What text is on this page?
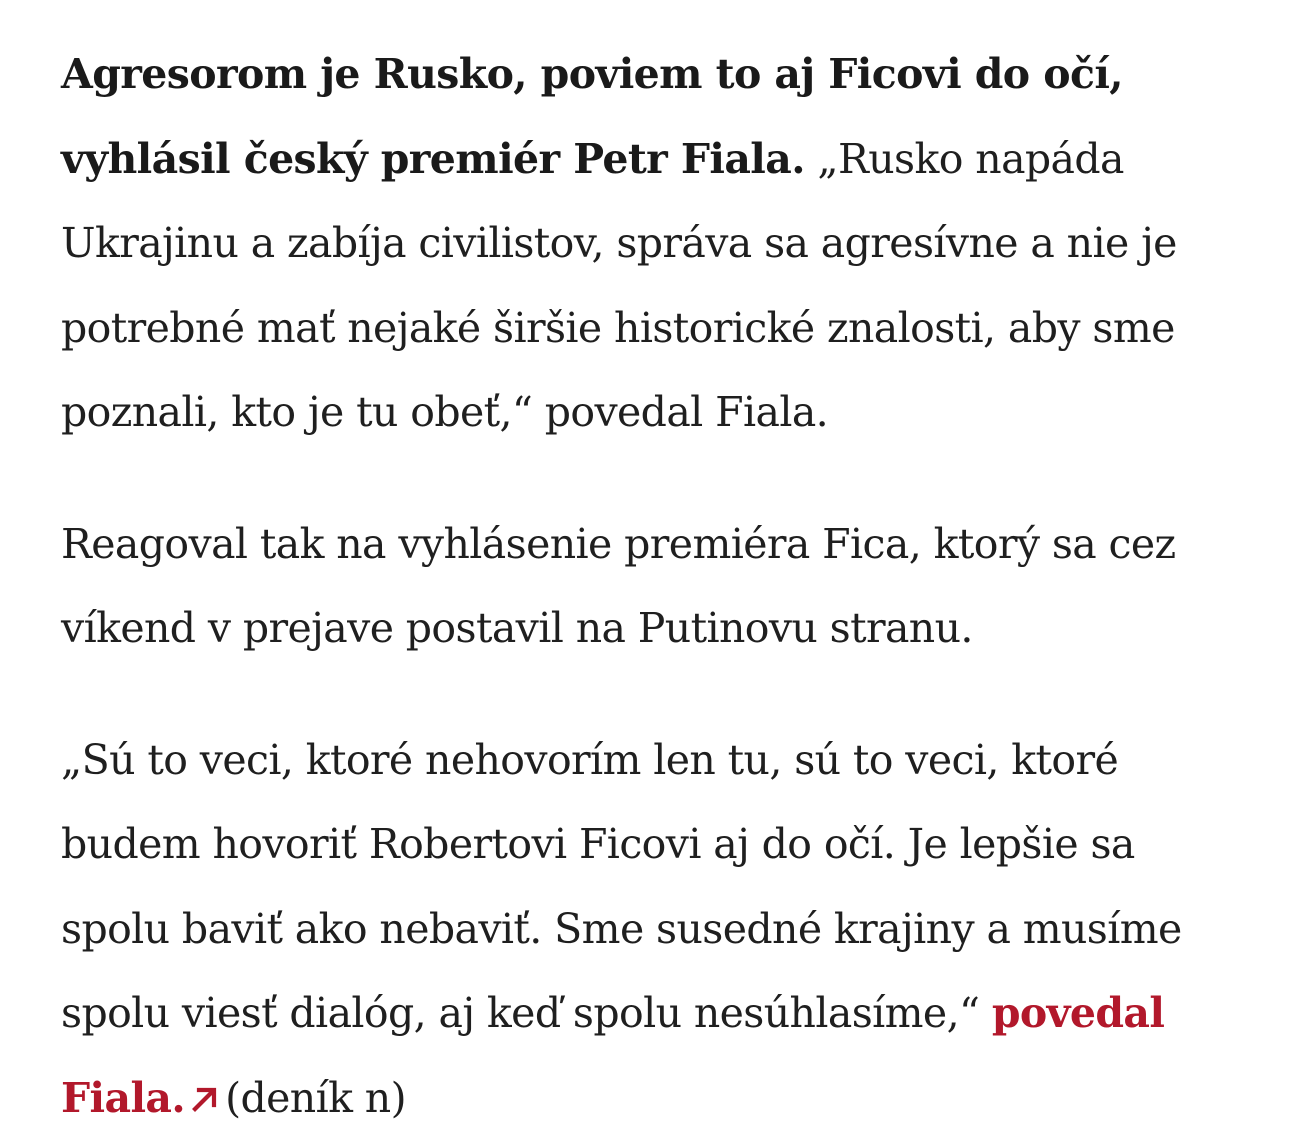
Agresorom je Rusko, poviem to aj Ficovi do očí, vyhlásil český premiér Petr Fiala. „Rusko napáda Ukrajinu a zabíja civilistov, správa sa agresívne a nie je potrebné mať nejaké širšie historické znalosti, aby sme poznali, kto je tu obeť,“ povedal Fiala.

Reagoval tak na vyhlásenie premiéra Fica, ktorý sa cez víkend v prejave postavil na Putinovu stranu.

„Sú to veci, ktoré nehovorím len tu, sú to veci, ktoré budem hovoriť Robertovi Ficovi aj do očí. Je lepšie sa spolu baviť ako nebaviť. Sme susedné krajiny a musíme spolu viesť dialóg, aj keď spolu nesúhlasíme,“ povedal Fiala. (deník n)
